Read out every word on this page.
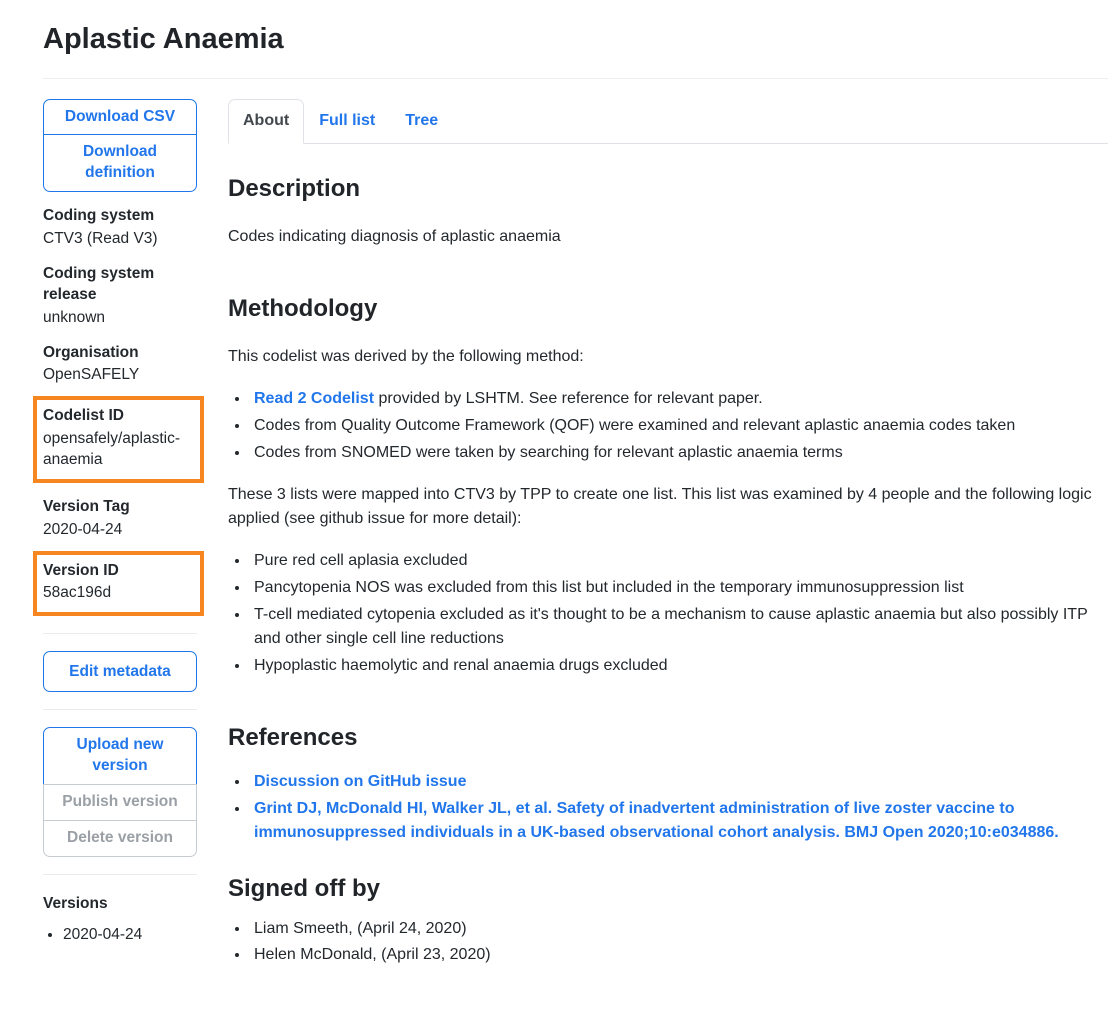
Aplastic Anaemia
Download CSV
Download definition
Coding system
CTV3 (Read V3)
Coding system release
unknown
Organisation
OpenSAFELY
Codelist ID
opensafely/aplastic-anaemia
Version Tag
2020-04-24
Version ID
58ac196d
Edit metadata
Upload new version
Publish version
Delete version
Versions
• 2020-04-24
About	Full list	Tree
Description

Codes indicating diagnosis of aplastic anaemia

Methodology

This codelist was derived by the following method:

• Read 2 Codelist provided by LSHTM. See reference for relevant paper.
• Codes from Quality Outcome Framework (QOF) were examined and relevant aplastic anaemia codes taken
• Codes from SNOMED were taken by searching for relevant aplastic anaemia terms

These 3 lists were mapped into CTV3 by TPP to create one list. This list was examined by 4 people and the following logic applied (see github issue for more detail):

• Pure red cell aplasia excluded
• Pancytopenia NOS was excluded from this list but included in the temporary immunosuppression list
• T-cell mediated cytopenia excluded as it's thought to be a mechanism to cause aplastic anaemia but also possibly ITP and other single cell line reductions
• Hypoplastic haemolytic and renal anaemia drugs excluded
References
• Discussion on GitHub issue
• Grint DJ, McDonald HI, Walker JL, et al. Safety of inadvertent administration of live zoster vaccine to immunosuppressed individuals in a UK-based observational cohort analysis. BMJ Open 2020;10:e034886.
Signed off by
• Liam Smeeth, (April 24, 2020)
• Helen McDonald, (April 23, 2020)
